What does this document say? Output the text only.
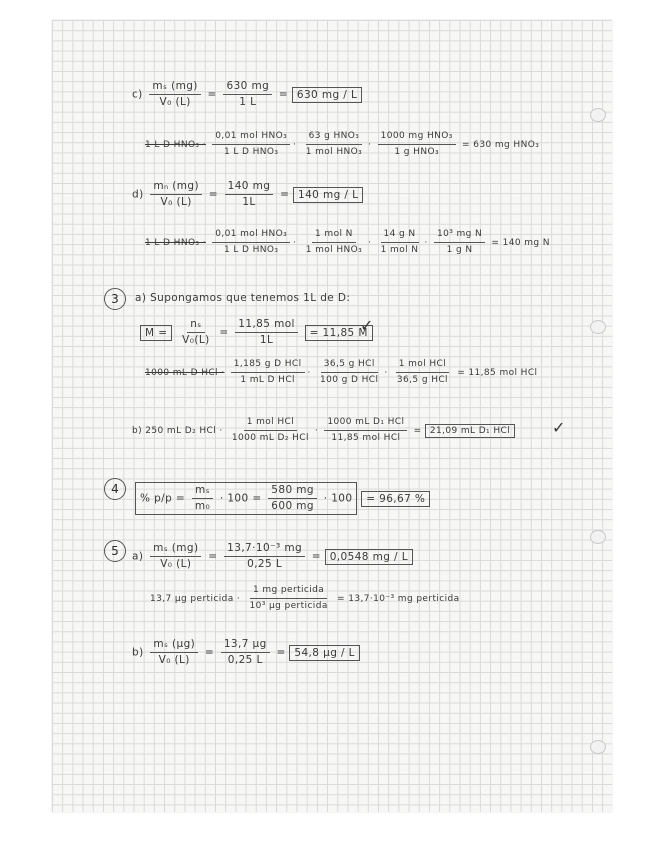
$c) \frac{\text{mₛ (mg)}}{\text{V₀ (L)}} = \frac{630 mg}{1 L} = 630$ mg / L
1 L D $HNO_3 \cdot \frac{\text{0,01 mol HNO₃}}{\text{1 L D HNO₃}} \cdot \frac{\text{63 g HNO₃}}{\text{1 mol HNO₃}} \cdot \frac{\text{1000 mg HNO₃}}{\text{1 g HNO₃}} = 630$ mg HNO₃
$d) \frac{\text{mₙ (mg)}}{\text{V₀ (L)}} = \frac{140 mg}{1L} = 140$ mg / L
1 L D $HNO_3 \cdot \frac{\text{0,01 mol HNO₃}}{\text{1 L D HNO₃}} \cdot \frac{\text{1 mol N}}{\text{1 mol HNO₃}} \cdot \frac{\text{14 g N}}{\text{1 mol N}} \cdot \frac{\text{10³ mg N}}{\text{1 g N}} = 140$ mg N
3	a) Supongamos que tenemos 1L de D:
$M = \frac{\text{nₛ}}{\text{V₀(L)}} = \frac{\text{11,85 mol}}{1L} = 11,85$ M
✓
1000 mL D HCl · $\frac{\text{1,185 g D HCl}}{\text{1 mL D HCl}} \cdot \frac{\text{36,5 g HCl}}{\text{100 g D HCl}} \cdot \frac{\text{1 mol HCl}}{\text{36,5 g HCl}} = 11,85$ mol HCl
b) 250 mL D₂ HCl · $\frac{\text{1 mol HCl}}{\text{1000 mL D₂ HCl}} \cdot \frac{\text{1000 mL D₁ HCl}}{\text{11,85 mol HCl}} = 21,09$ mL D₁ HCl	✓
4
% $p/p = \frac{\text{mₛ}}{\text{m₀}} \cdot 100 = \frac{580 mg}{600 mg} \cdot 100 = 96,67$ %
5	$a) \frac{\text{mₛ (mg)}}{\text{V₀ (L)}} = \frac{\text{13,7·10⁻³ mg}}{0,25 L} = 0,0548$ mg / L
13,7 μg perticida · $\frac{\text{1 mg perticida}}{\text{10³ μg perticida}} = 13,7\cdot 10^{-3}$ mg perticida
$b) \frac{\text{mₛ (μg)}}{\text{V₀ (L)}} = \frac{13,7 \mu g}{0,25 L} = 54,8$ μg / L
